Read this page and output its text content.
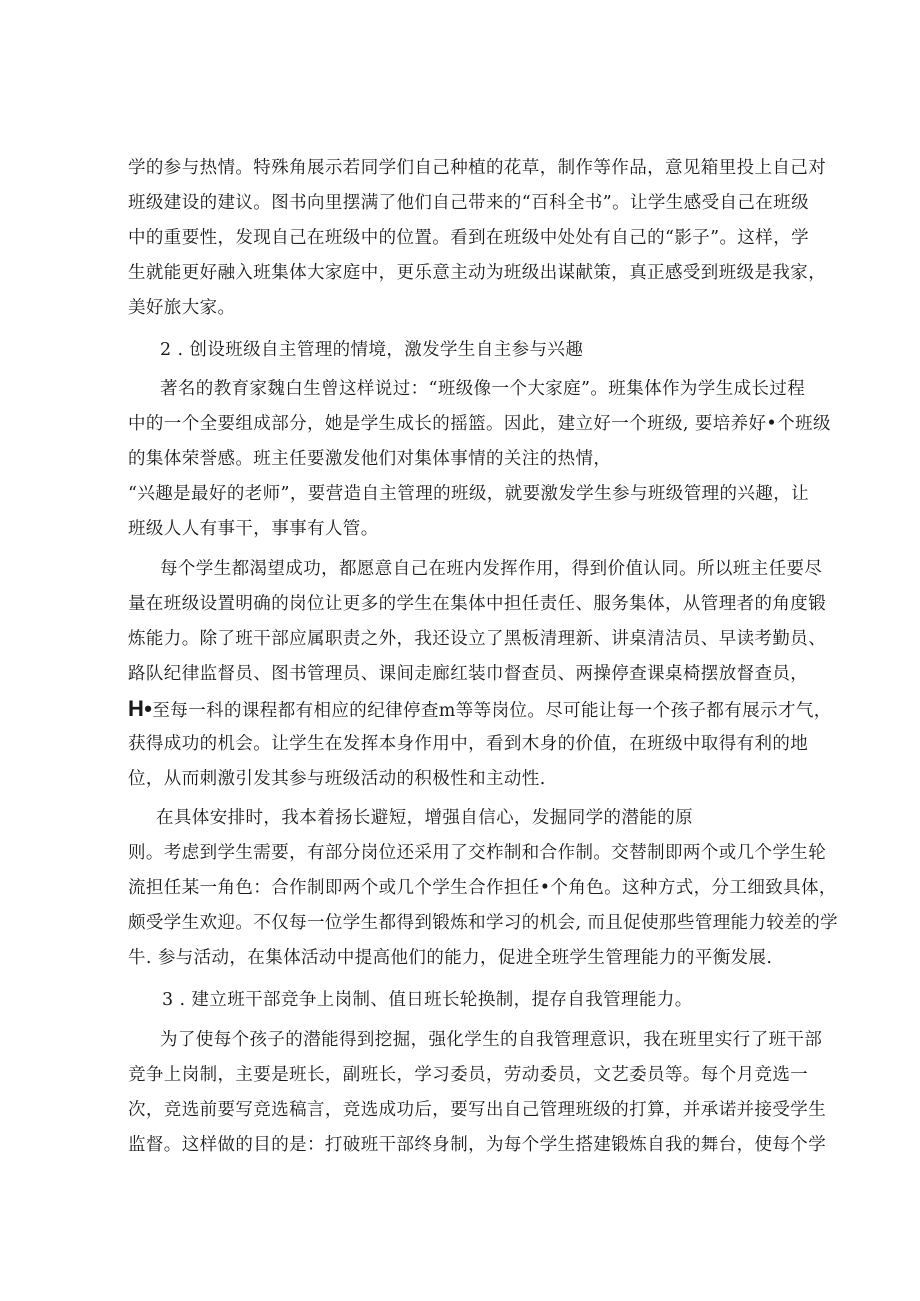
学的参与热情。特殊角展示若同学们自己种植的花草，制作等作品，意见箱里投上自己对
班级建设的建议。图书向里摆满了他们自己带来的“百科全书”。让学生感受自己在班级
中的重要性，发现自己在班级中的位置。看到在班级中处处有自己的“影子”。这样，学
生就能更好融入班集体大家庭中，更乐意主动为班级出谋献策，真正感受到班级是我家，
美好旅大家。
2 . 创设班级自主管理的情境，激发学生自主参与兴趣
著名的教育家魏白生曾这样说过：“班级像一个大家庭”。班集体作为学生成长过程
中的一个全要组成部分，她是学生成长的摇篮。因此，建立好一个班级, 要培养好•个班级
的集体荣誉感。班主任要激发他们对集体事情的关注的热情，
“兴趣是最好的老师”，要营造自主管理的班级，就要激发学生参与班级管理的兴趣，让
班级人人有事干，事事有人管。
每个学生都渴望成功，都愿意自己在班内发挥作用，得到价值认同。所以班主任要尽
量在班级设置明确的岗位让更多的学生在集体中担任责任、服务集体，从管理者的角度锻
炼能力。除了班干部应属职责之外，我还设立了黑板清理新、讲桌清洁员、早读考勤员、
路队纪律监督员、图书管理员、课间走廊红装巾督查员、两操停查课桌椅摆放督查员，
H•至每一科的课程都有相应的纪律停查m等等岗位。尽可能让每一个孩子都有展示才气，
获得成功的机会。让学生在发挥本身作用中，看到木身的价值，在班级中取得有利的地
位，从而刺激引发其参与班级活动的积极性和主动性.
在具体安排时，我本着扬长避短，增强自信心，发掘同学的潜能的原
则。考虑到学生需要，有部分岗位还采用了交柞制和合作制。交替制即两个或几个学生轮
流担任某一角色：合作制即两个或几个学生合作担任•个角色。这种方式，分工细致具体，
颇受学生欢迎。不仅每一位学生都得到锻炼和学习的机会, 而且促使那些管理能力较差的学
牛. 参与活动，在集体活动中提高他们的能力，促进全班学生管理能力的平衡发展.
3 . 建立班干部竞争上岗制、值日班长轮换制，提存自我管理能力。
为了使每个孩子的潜能得到挖掘，强化学生的自我管理意识，我在班里实行了班干部
竞争上岗制，主要是班长，副班长，学习委员，劳动委员，文艺委员等。每个月竞选一
次，竞选前要写竞选稿言，竞选成功后，要写出自己管理班级的打算，并承诺并接受学生
监督。这样做的目的是：打破班干部终身制，为每个学生搭建锻炼自我的舞台，使每个学
